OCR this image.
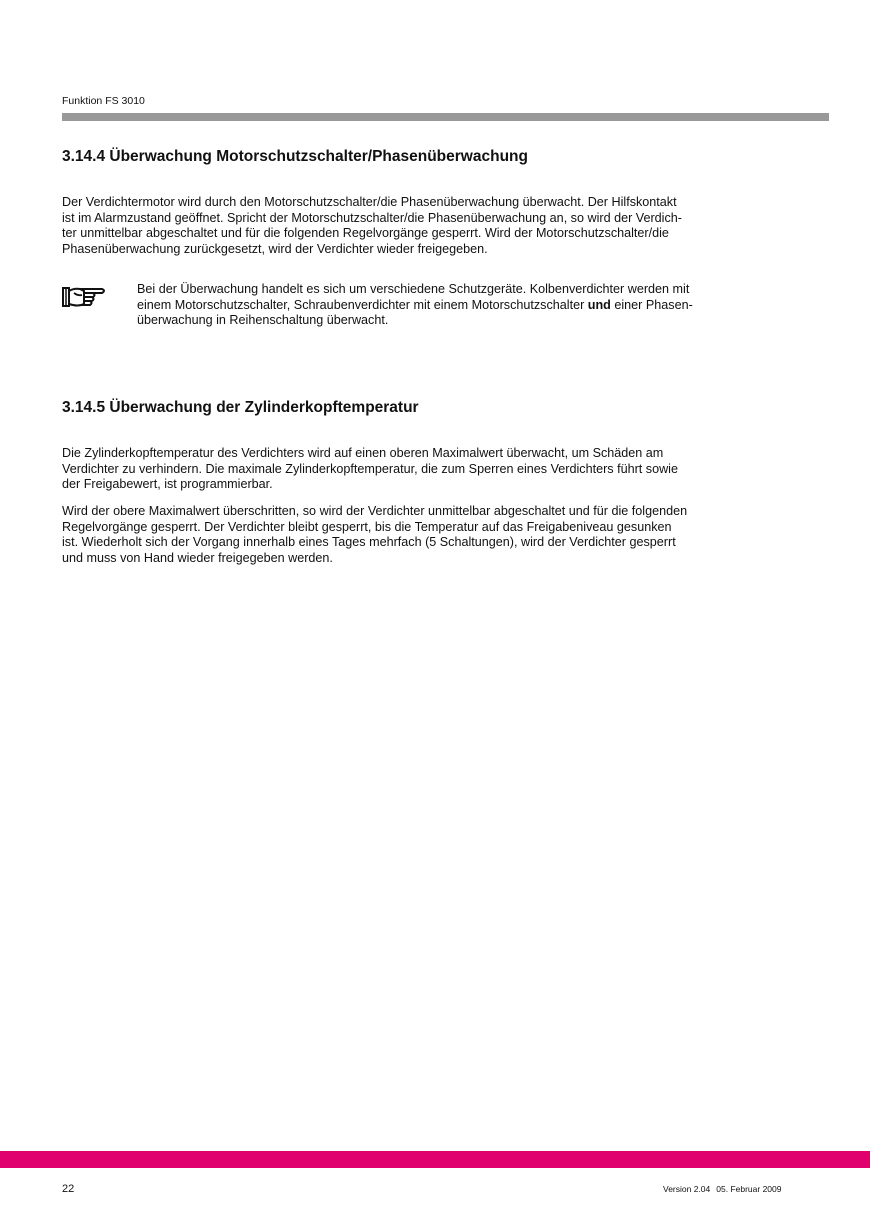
Funktion FS 3010
3.14.4 Überwachung Motorschutzschalter/Phasenüberwachung
Der Verdichtermotor wird durch den Motorschutzschalter/die Phasenüberwachung überwacht. Der Hilfskontakt
ist im Alarmzustand geöffnet. Spricht der Motorschutzschalter/die Phasenüberwachung an, so wird der Verdich-
ter unmittelbar abgeschaltet und für die folgenden Regelvorgänge gesperrt. Wird der Motorschutzschalter/die
Phasenüberwachung zurückgesetzt, wird der Verdichter wieder freigegeben.
Bei der Überwachung handelt es sich um verschiedene Schutzgeräte. Kolbenverdichter werden mit
einem Motorschutzschalter, Schraubenverdichter mit einem Motorschutzschalter und einer Phasen-
überwachung in Reihenschaltung überwacht.
3.14.5 Überwachung der Zylinderkopftemperatur
Die Zylinderkopftemperatur des Verdichters wird auf einen oberen Maximalwert überwacht, um Schäden am
Verdichter zu verhindern. Die maximale Zylinderkopftemperatur, die zum Sperren eines Verdichters führt sowie
der Freigabewert, ist programmierbar.
Wird der obere Maximalwert überschritten, so wird der Verdichter unmittelbar abgeschaltet und für die folgenden
Regelvorgänge gesperrt. Der Verdichter bleibt gesperrt, bis die Temperatur auf das Freigabeniveau gesunken
ist. Wiederholt sich der Vorgang innerhalb eines Tages mehrfach (5 Schaltungen), wird der Verdichter gesperrt
und muss von Hand wieder freigegeben werden.
22	Version 2.04 05. Februar 2009
